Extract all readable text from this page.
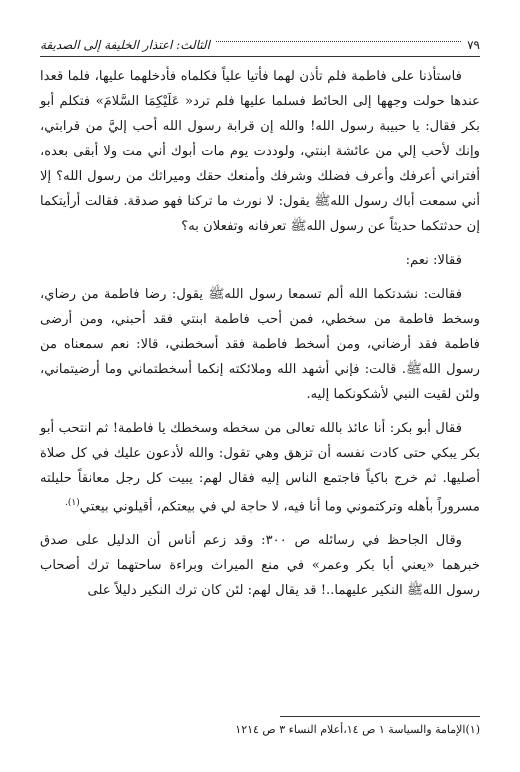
٧٩
الثالث: اعتذار الخليفة إلى الصديقة

فاستأذنا على فاطمة فلم تأذن لهما فأتيا علياً فكلماه فأدخلهما عليها، فلما قعدا عندها حولت وجهها إلى الحائط فسلما عليها فلم ترد« عَلَيْكِمَا السَّلامَ» فتكلم أبو بكر فقال: يا حبيبة رسول الله! والله إن قرابة رسول الله أحب إليَّ من قرابتي، وإنك لأحب إلي من عائشة ابنتي، ولوددت يوم مات أبوك أني مت ولا أبقى بعده، أفتراني أعرفك وأعرف فضلك وشرفك وأمنعك حقك وميراثك من رسول الله؟ إلا أني سمعت أباك رسول اللهﷺ يقول: لا نورث ما تركنا فهو صدقة. فقالت أرأيتكما إن حدثتكما حديثاً عن رسول اللهﷺ تعرفانه وتفعلان به؟

فقالا: نعم:

فقالت: نشدتكما الله ألم تسمعا رسول اللهﷺ يقول: رضا فاطمة من رضاي، وسخط فاطمة من سخطي، فمن أحب فاطمة ابنتي فقد أحبني، ومن أرضى فاطمة فقد أرضاني، ومن أسخط فاطمة فقد أسخطني، قالا: نعم سمعناه من رسول اللهﷺ. قالت: فإني أشهد الله وملائكته إنكما أسخطتماني وما أرضيتماني، ولئن لقيت النبي لأشكونكما إليه.

فقال أبو بكر: أنا عائذ بالله تعالى من سخطه وسخطك يا فاطمة! ثم انتحب أبو بكر يبكي حتى كادت نفسه أن تزهق وهي تقول: والله لأدعون عليك في كل صلاة أصليها. ثم خرج باكياً فاجتمع الناس إليه فقال لهم: يبيت كل رجل معانقاً حليلته مسروراً بأهله وتركتموني وما أنا فيه، لا حاجة لي في بيعتكم، أقيلوني بيعتي$^{(١).}$

وقال الجاحظ في رسائله ص ٣٠٠: وقد زعم أناس أن الدليل على صدق خبرهما «يعني أبا بكر وعمر» في منع الميراث وبراءة ساحتهما ترك أصحاب رسول اللهﷺ النكير عليهما..! قد يقال لهم: لئن كان ترك النكير دليلاً على

(١)الإمامة والسياسة ١ ص ١٤،أعلام النساء ٣ ص ١٢١٤
